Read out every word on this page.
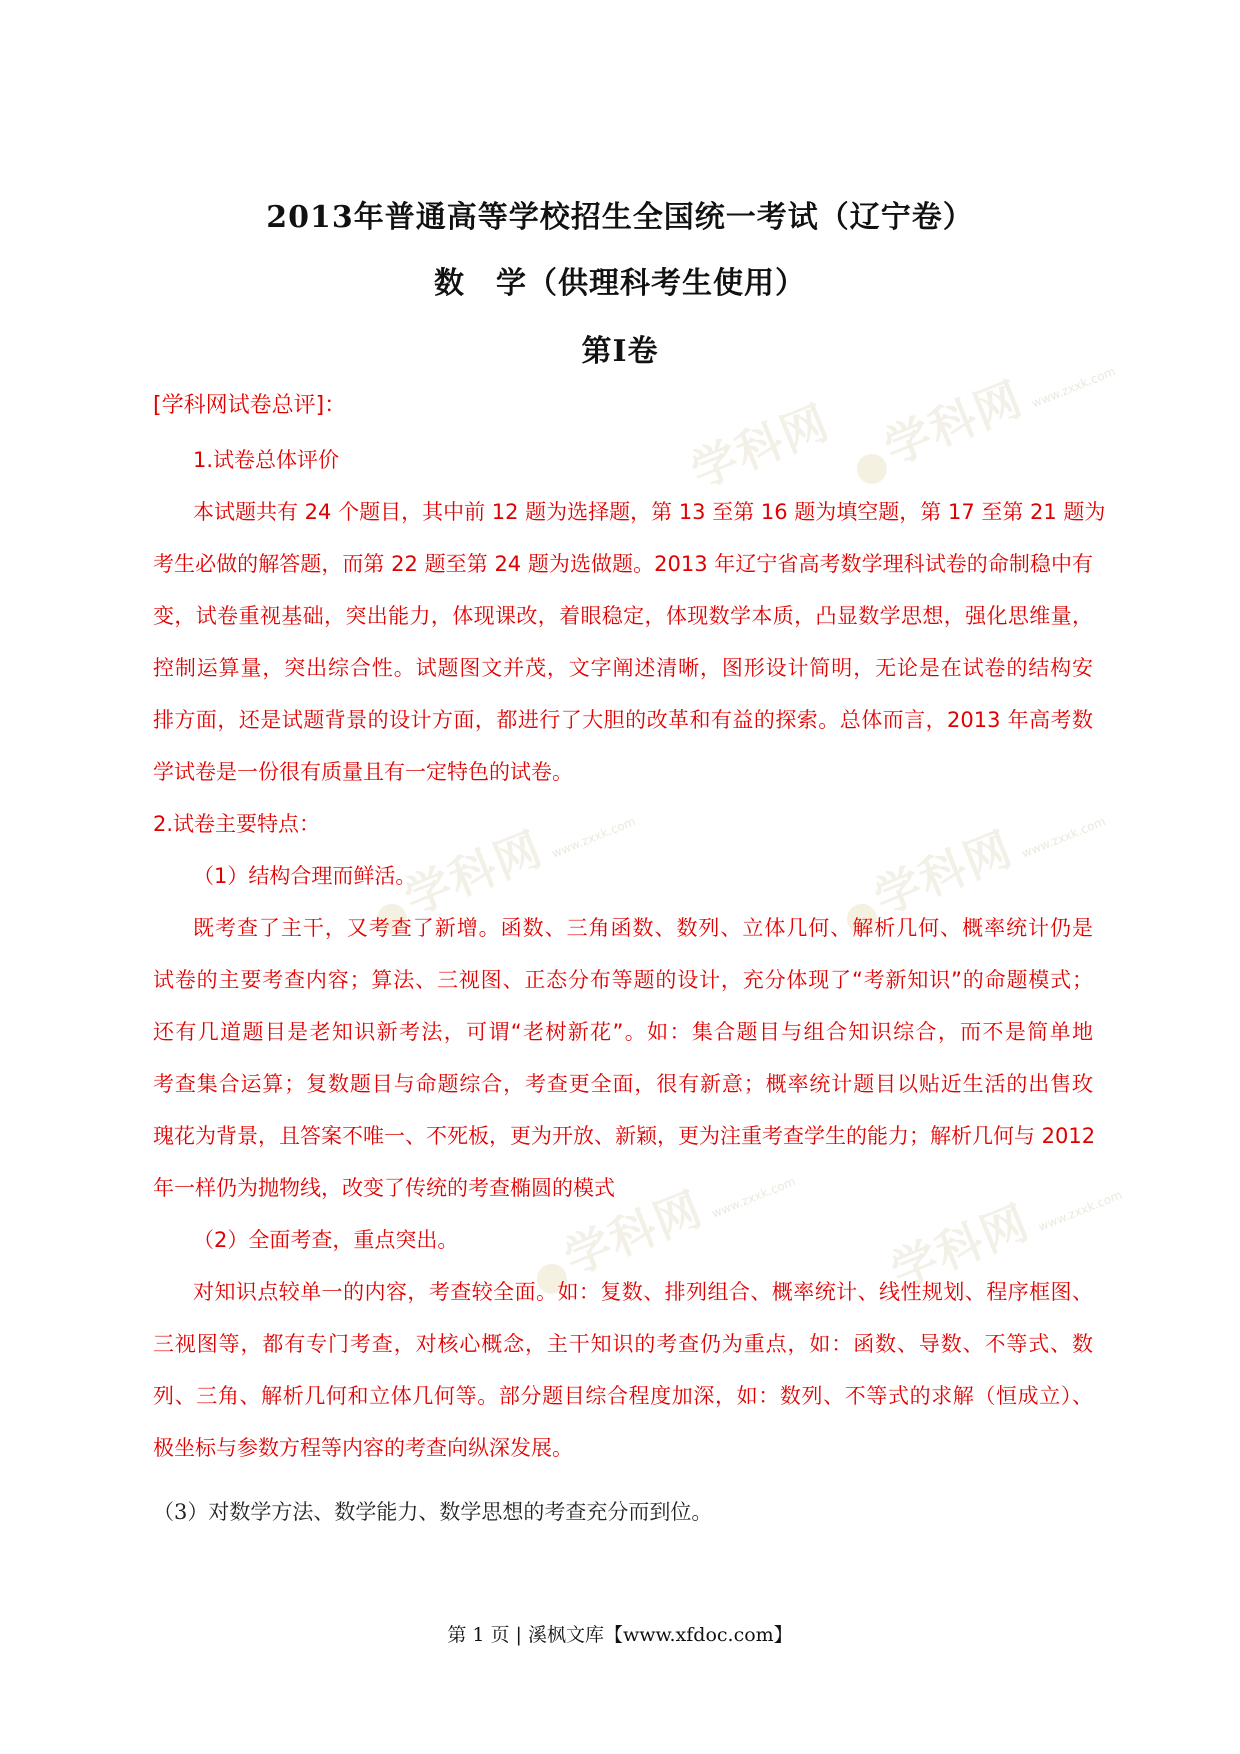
学科网www.zxxk.com
学科网
学科网www.zxxk.com
学科网www.zxxk.com
学科网www.zxxk.com 学科网www.zxxk.com
2013年普通高等学校招生全国统一考试（辽宁卷）
数　学（供理科考生使用）
第Ⅰ卷
[学科网试卷总评]：
1.试卷总体评价
本试题共有 24 个题目，其中前 12 题为选择题，第 13 至第 16 题为填空题，第 17 至第 21 题为
考生必做的解答题，而第 22 题至第 24 题为选做题。2013 年辽宁省高考数学理科试卷的命制稳中有
变，试卷重视基础，突出能力，体现课改，着眼稳定，体现数学本质，凸显数学思想，强化思维量，
控制运算量，突出综合性。试题图文并茂，文字阐述清晰，图形设计简明，无论是在试卷的结构安
排方面，还是试题背景的设计方面，都进行了大胆的改革和有益的探索。总体而言，2013 年高考数
学试卷是一份很有质量且有一定特色的试卷。
2.试卷主要特点：
（1）结构合理而鲜活。
既考查了主干，又考查了新增。函数、三角函数、数列、立体几何、解析几何、概率统计仍是
试卷的主要考查内容；算法、三视图、正态分布等题的设计，充分体现了“考新知识”的命题模式；
还有几道题目是老知识新考法，可谓“老树新花”。如：集合题目与组合知识综合，而不是简单地
考查集合运算；复数题目与命题综合，考查更全面，很有新意；概率统计题目以贴近生活的出售玫
瑰花为背景，且答案不唯一、不死板，更为开放、新颖，更为注重考查学生的能力；解析几何与 2012
年一样仍为抛物线，改变了传统的考查椭圆的模式
（2）全面考查，重点突出。
对知识点较单一的内容，考查较全面。如：复数、排列组合、概率统计、线性规划、程序框图、
三视图等，都有专门考查，对核心概念，主干知识的考查仍为重点，如：函数、导数、不等式、数
列、三角、解析几何和立体几何等。部分题目综合程度加深，如：数列、不等式的求解（恒成立）、
极坐标与参数方程等内容的考查向纵深发展。
（3）对数学方法、数学能力、数学思想的考查充分而到位。
第 1 页 | 溪枫文库【www.xfdoc.com】
